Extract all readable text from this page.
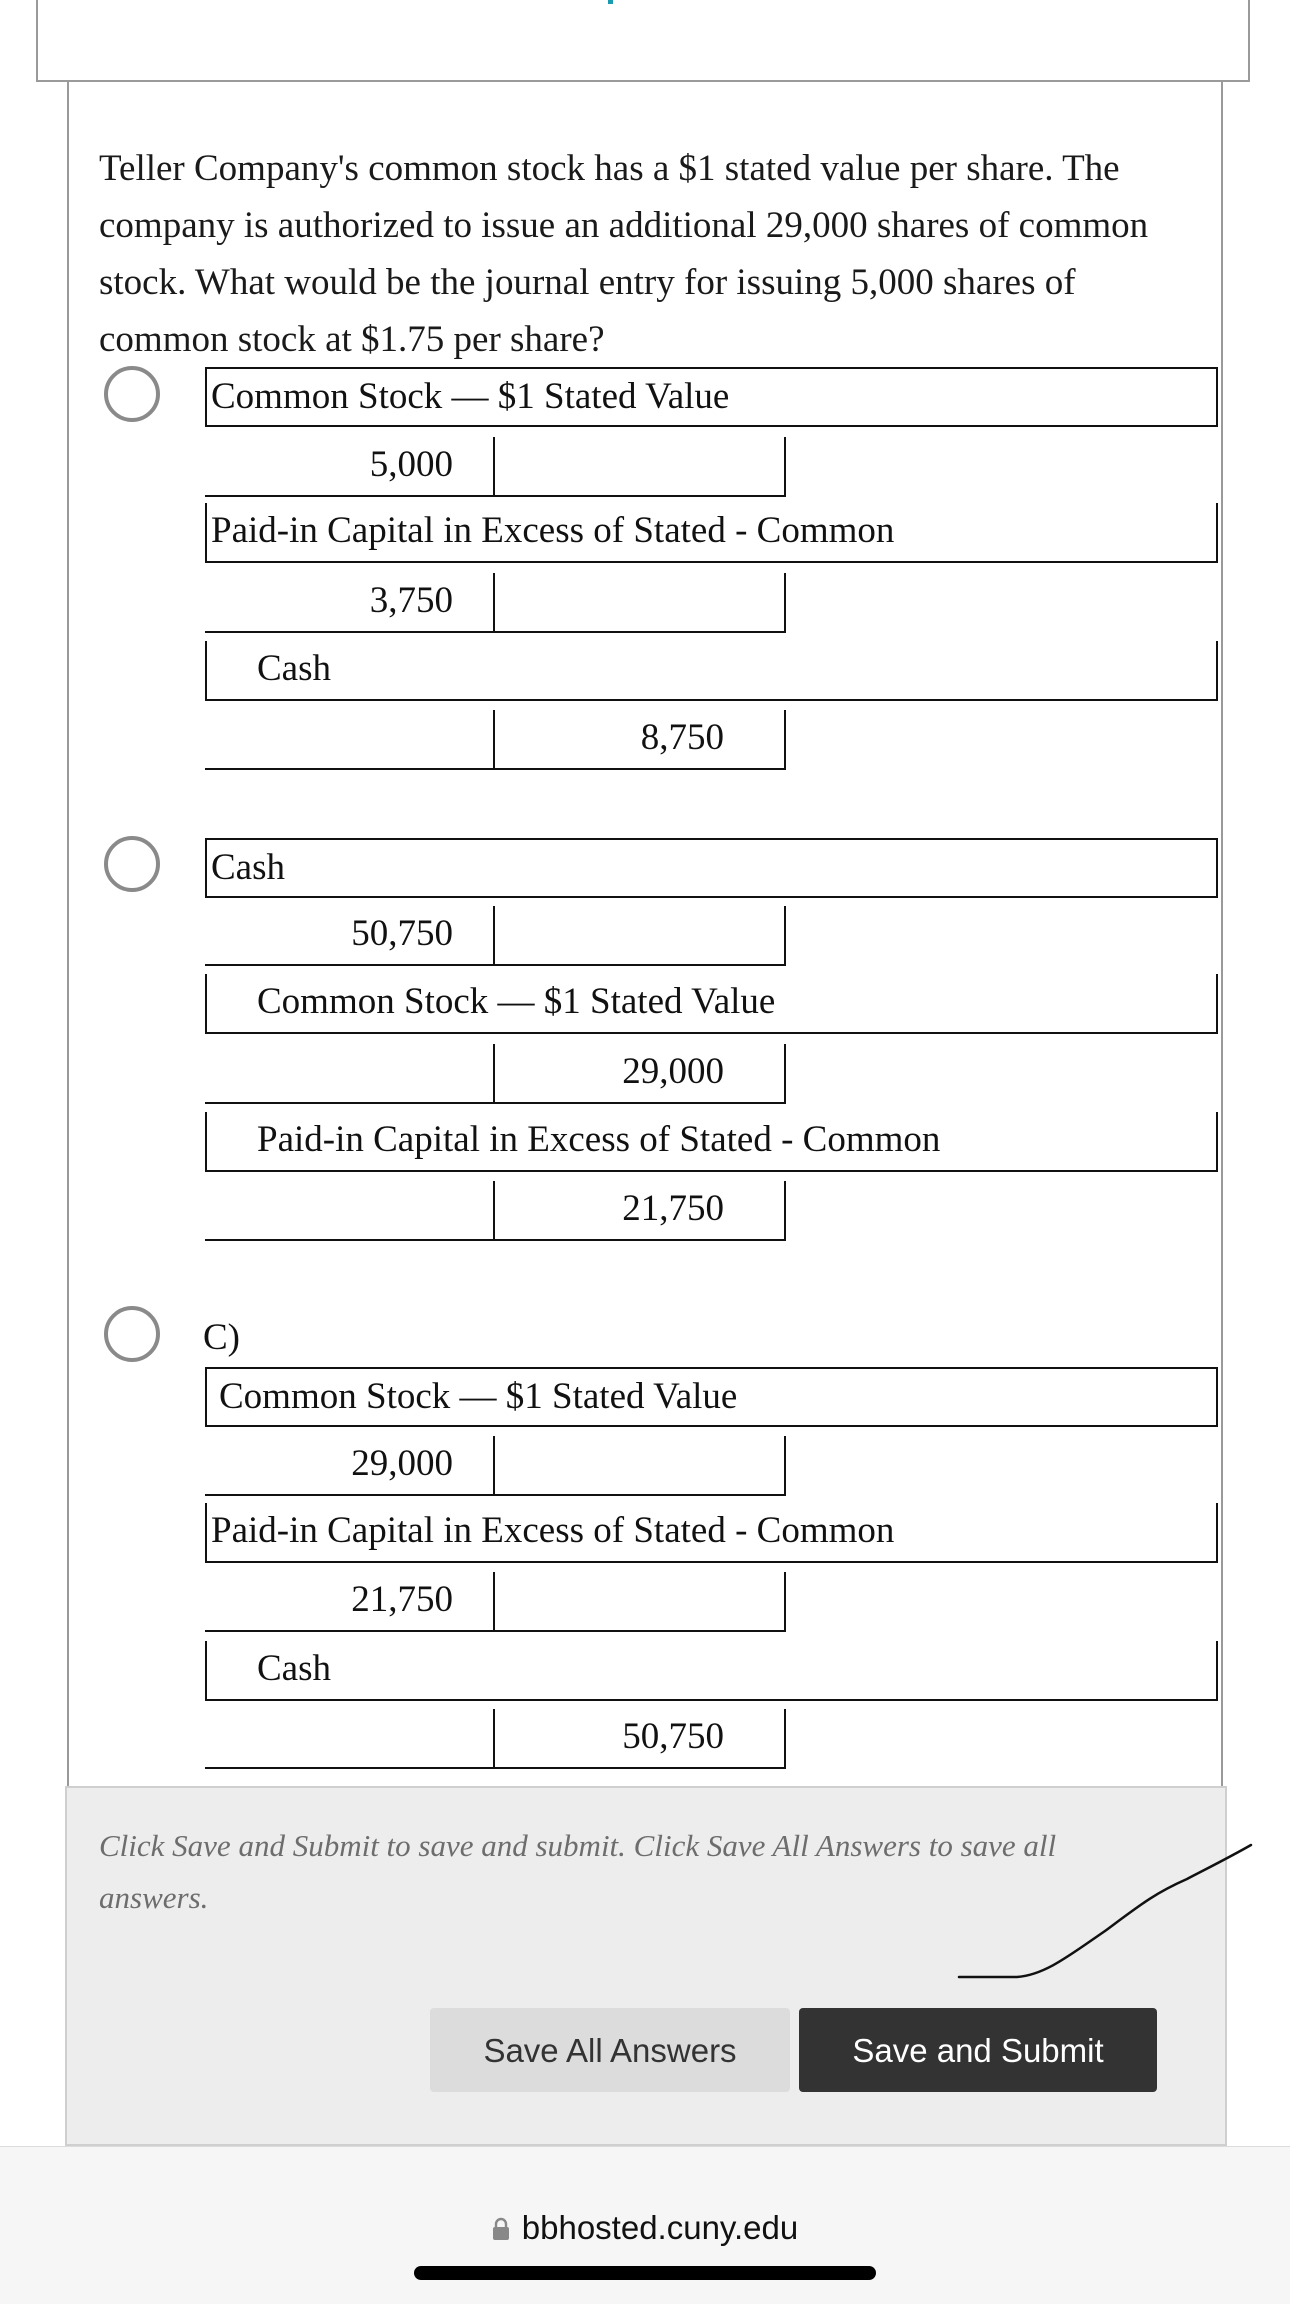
Teller Company's common stock has a $1 stated value per share. The company is authorized to issue an additional 29,000 shares of common stock. What would be the journal entry for issuing 5,000 shares of common stock at $1.75 per share?
Common Stock — $1 Stated Value
5,000
Paid-in Capital in Excess of Stated - Common
3,750
Cash
8,750
Cash
50,750
Common Stock — $1 Stated Value
29,000
Paid-in Capital in Excess of Stated - Common
21,750
C)
Common Stock — $1 Stated Value
29,000
Paid-in Capital in Excess of Stated - Common
21,750
Cash
50,750
Click Save and Submit to save and submit. Click Save All Answers to save all answers.
Save All Answers	Save and Submit
bbhosted.cuny.edu
